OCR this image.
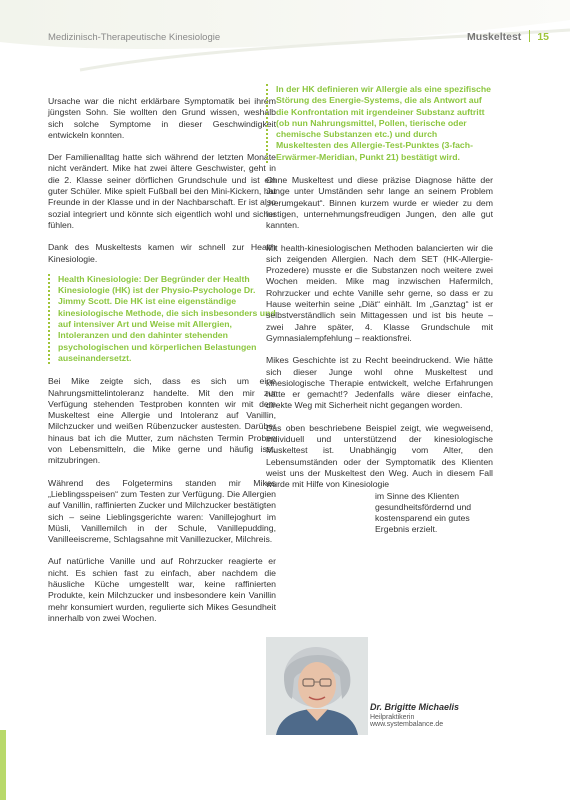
Medizinisch-Therapeutische Kinesiologie	Muskeltest 15

Ursache war die nicht erklärbare Symptomatik bei ihrem jüngsten Sohn. Sie wollten den Grund wissen, weshalb sich solche Symptome in dieser Geschwindigkeit entwickeln konnten.

Der Familienalltag hatte sich während der letzten Monate nicht verändert. Mike hat zwei ältere Geschwister, geht in die 2. Klasse seiner dörflichen Grundschule und ist ein guter Schüler. Mike spielt Fußball bei den Mini-Kickern, hat Freunde in der Klasse und in der Nachbarschaft. Er ist also sozial integriert und könnte sich eigentlich wohl und sicher fühlen.

Dank des Muskeltests kamen wir schnell zur Health Kinesiologie.

Health Kinesiologie: Der Begründer der Health Kinesiologie (HK) ist der Physio-Psychologe Dr. Jimmy Scott. Die HK ist eine eigenständige kinesiologische Methode, die sich insbesonders und auf intensiver Art und Weise mit Allergien, Intoleranzen und den dahinter stehenden psychologischen und körperlichen Belastungen auseinandersetzt.

Bei Mike zeigte sich, dass es sich um eine Nahrungsmittelintoleranz handelte. Mit den mir zur Verfügung stehenden Testproben konnten wir mit dem Muskeltest eine Allergie und Intoleranz auf Vanillin, Milchzucker und weißen Rübenzucker austesten. Darüber hinaus bat ich die Mutter, zum nächsten Termin Proben von Lebensmitteln, die Mike gerne und häufig isst, mitzubringen.

Während des Folgetermins standen mir Mikes „Lieblingsspeisen“ zum Testen zur Verfügung. Die Allergien auf Vanillin, raffinierten Zucker und Milchzucker bestätigten sich – seine Lieblingsgerichte waren: Vanillejoghurt im Müsli, Vanillemilch in der Schule, Vanillepudding, Vanilleeiscreme, Schlagsahne mit Vanillezucker, Milchreis.

Auf natürliche Vanille und auf Rohrzucker reagierte er nicht. Es schien fast zu einfach, aber nachdem die häusliche Küche umgestellt war, keine raffinierten Produkte, kein Milchzucker und insbesondere kein Vanillin mehr konsumiert wurden, regulierte sich Mikes Gesundheit innerhalb von zwei Wochen.

In der HK definieren wir Allergie als eine spezifische Störung des Energie-Systems, die als Antwort auf die Konfrontation mit irgendeiner Substanz auftritt (ob nun Nahrungsmittel, Pollen, tierische oder chemische Substanzen etc.) und durch Muskeltesten des Allergie-Test-Punktes (3-fach-Erwärmer-Meridian, Punkt 21) bestätigt wird.

Ohne Muskeltest und diese präzise Diagnose hätte der Junge unter Umständen sehr lange an seinem Problem „herumgekaut“. Binnen kurzem wurde er wieder zu dem lustigen, unternehmungsfreudigen Jungen, den alle gut kannten.

Mit health-kinesiologischen Methoden balancierten wir die sich zeigenden Allergien. Nach dem SET (HK-Allergie-Prozedere) musste er die Substanzen noch weitere zwei Wochen meiden. Mike mag inzwischen Hafermilch, Rohrzucker und echte Vanille sehr gerne, so dass er zu Hause weiterhin seine „Diät“ einhält. Im „Ganztag“ ist er selbstverständlich sein Mittagessen und ist bis heute – zwei Jahre später, 4. Klasse Grundschule mit Gymnasialempfehlung – reaktionsfrei.

Mikes Geschichte ist zu Recht beeindruckend. Wie hätte sich dieser Junge wohl ohne Muskeltest und kinesiologische Therapie entwickelt, welche Erfahrungen hätte er gemacht!? Jedenfalls wäre dieser einfache, direkte Weg mit Sicherheit nicht gegangen worden.

Das oben beschriebene Beispiel zeigt, wie wegweisend, individuell und unterstützend der kinesiologische Muskeltest ist. Unabhängig vom Alter, den Lebensumständen oder der Symptomatik des Klienten weist uns der Muskeltest den Weg. Auch in diesem Fall wurde mit Hilfe von Kinesiologie

im Sinne des Klienten gesundheitsfördernd und kostensparend ein gutes Ergebnis erzielt.

Dr. Brigitte Michaelis
Heilpraktikerin
www.systembalance.de
